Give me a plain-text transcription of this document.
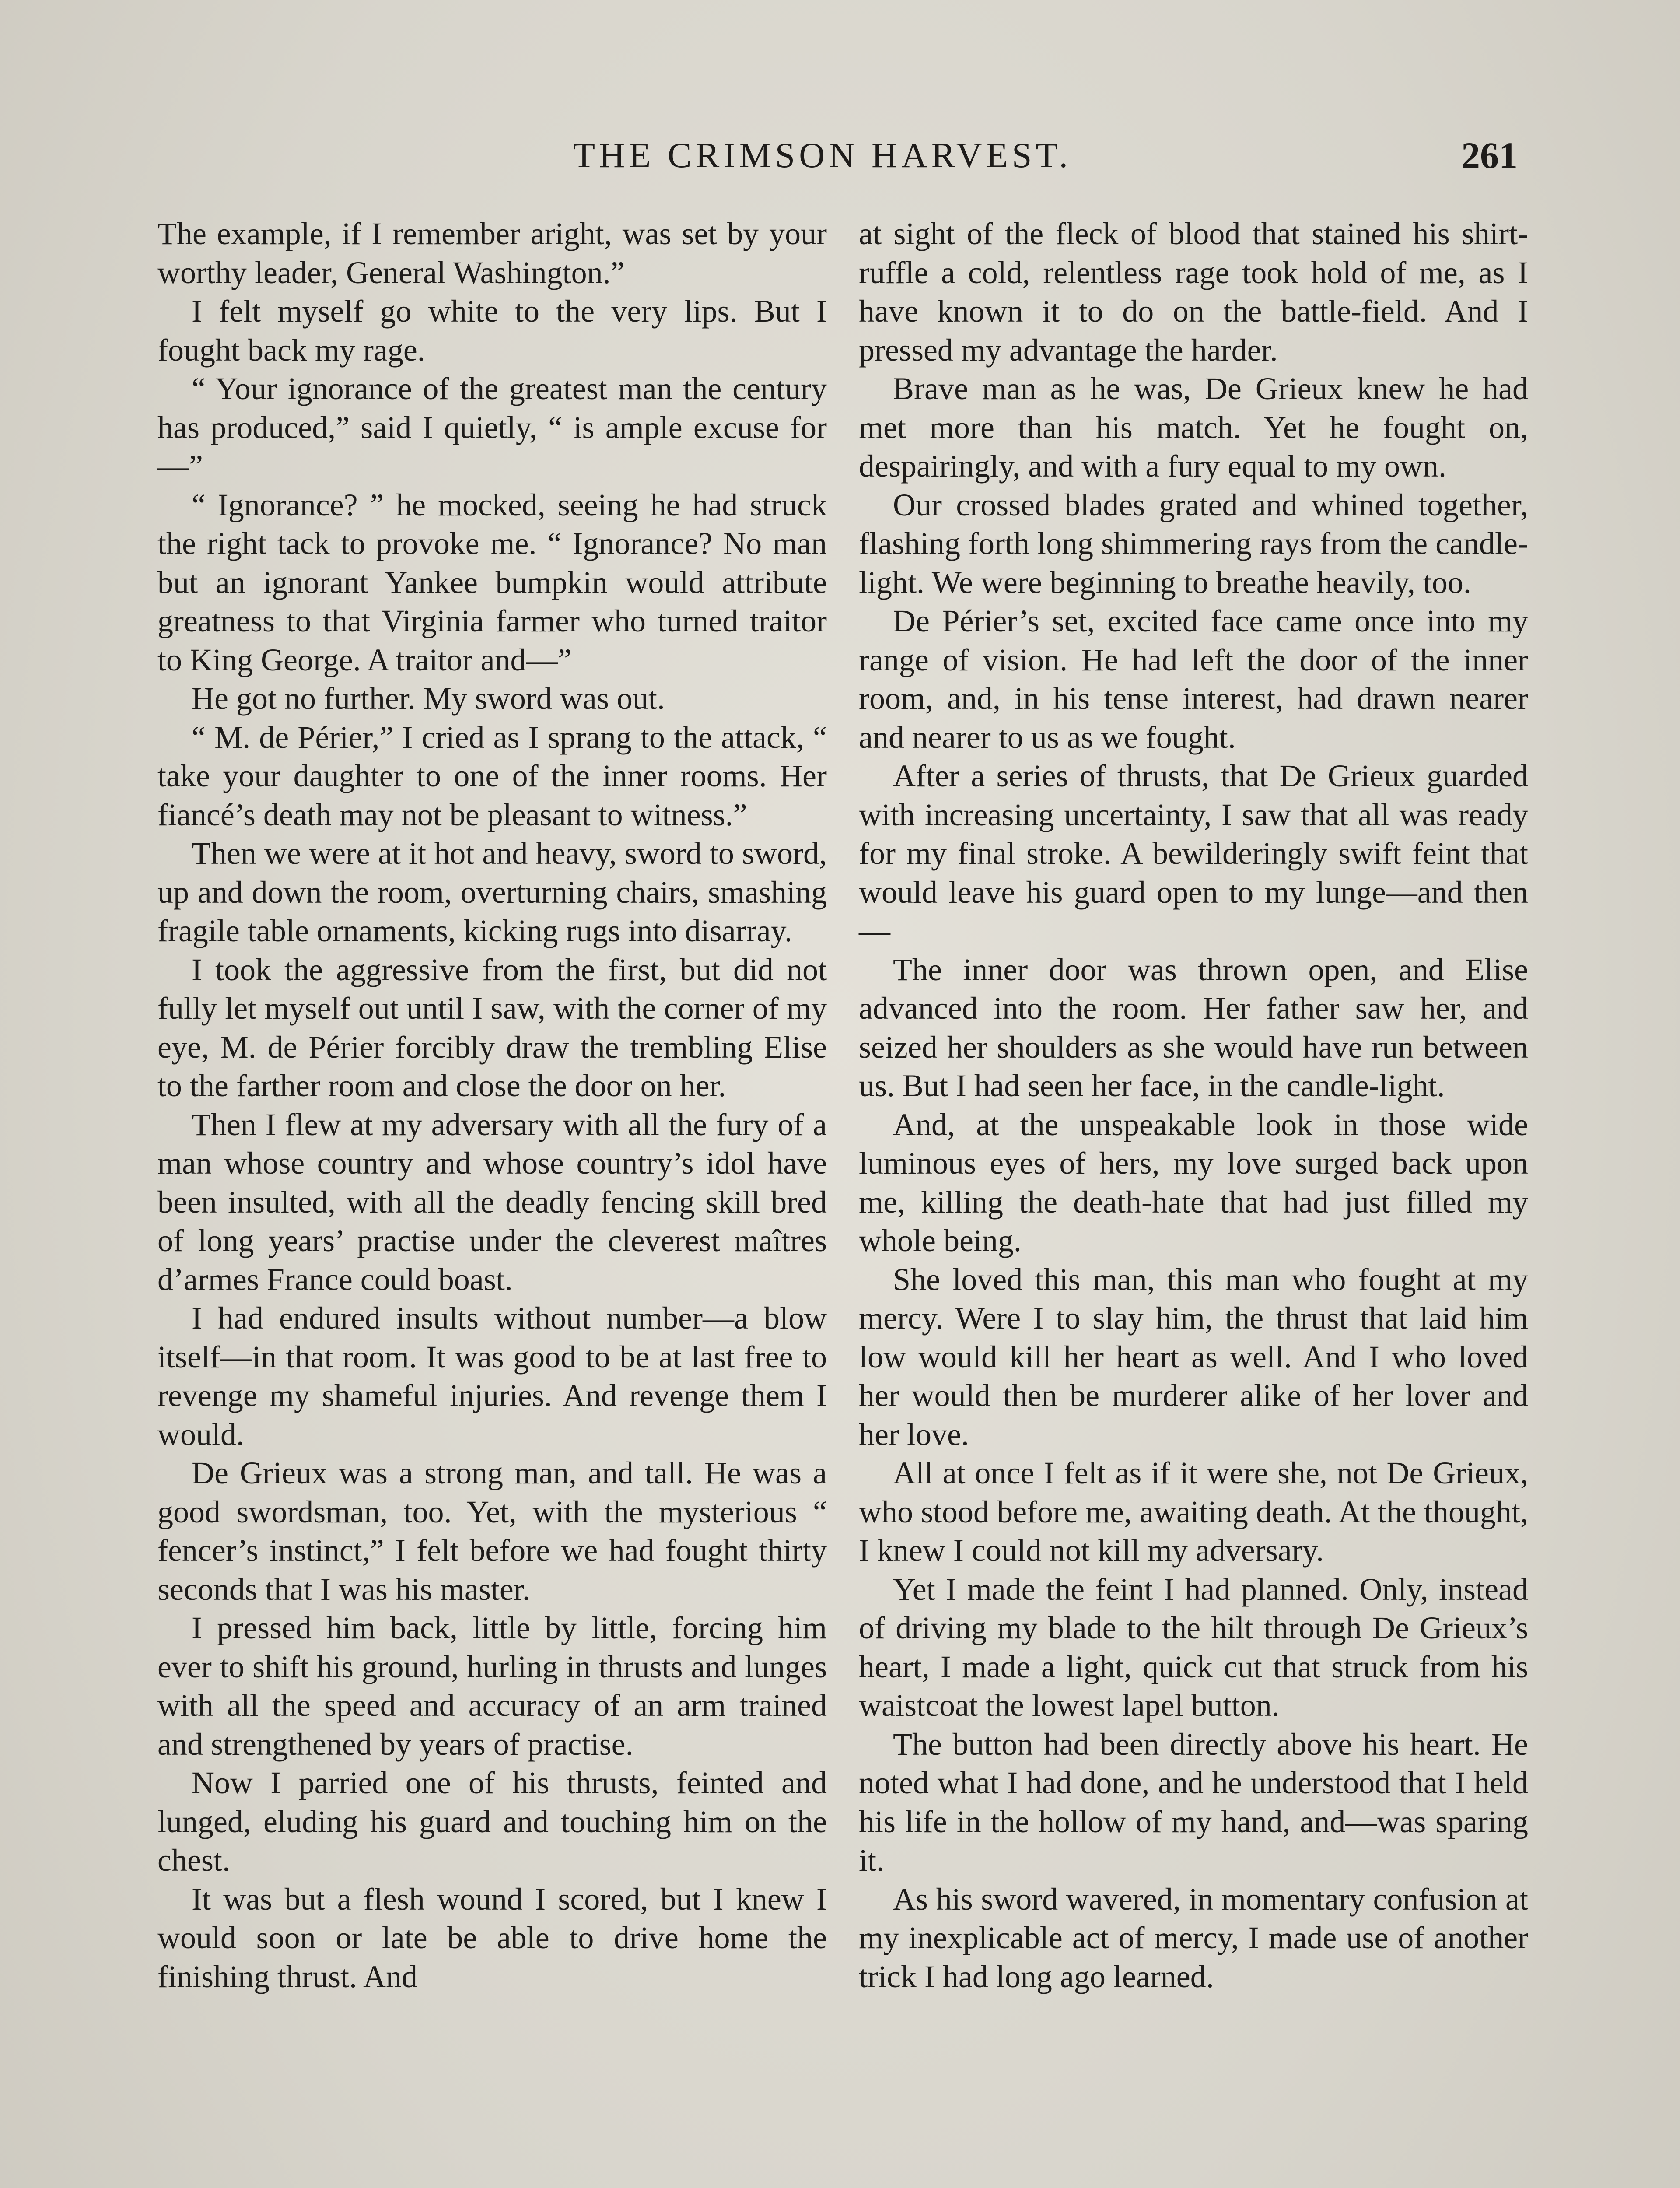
THE CRIMSON HARVEST.	261

The example, if I remember aright, was set by your worthy leader, General Washington.”

I felt myself go white to the very lips. But I fought back my rage.

“ Your ignorance of the greatest man the century has produced,” said I quietly, “ is ample excuse for—”

“ Ignorance? ” he mocked, seeing he had struck the right tack to provoke me. “ Ignorance? No man but an ignorant Yankee bumpkin would attribute greatness to that Virginia farmer who turned traitor to King George. A traitor and—”

He got no further. My sword was out.

“ M. de Périer,” I cried as I sprang to the attack, “ take your daughter to one of the inner rooms. Her fiancé’s death may not be pleasant to witness.”

Then we were at it hot and heavy, sword to sword, up and down the room, overturning chairs, smashing fragile table ornaments, kicking rugs into disarray.

I took the aggressive from the first, but did not fully let myself out until I saw, with the corner of my eye, M. de Périer forcibly draw the trembling Elise to the farther room and close the door on her.

Then I flew at my adversary with all the fury of a man whose country and whose country’s idol have been insulted, with all the deadly fencing skill bred of long years’ practise under the cleverest maîtres d’armes France could boast.

I had endured insults without number—a blow itself—in that room. It was good to be at last free to revenge my shameful injuries. And revenge them I would.

De Grieux was a strong man, and tall. He was a good swordsman, too. Yet, with the mysterious “ fencer’s instinct,” I felt before we had fought thirty seconds that I was his master.

I pressed him back, little by little, forcing him ever to shift his ground, hurling in thrusts and lunges with all the speed and accuracy of an arm trained and strengthened by years of practise.

Now I parried one of his thrusts, feinted and lunged, eluding his guard and touching him on the chest.

It was but a flesh wound I scored, but I knew I would soon or late be able to drive home the finishing thrust. And

at sight of the fleck of blood that stained his shirt-ruffle a cold, relentless rage took hold of me, as I have known it to do on the battle-field. And I pressed my advantage the harder.

Brave man as he was, De Grieux knew he had met more than his match. Yet he fought on, despairingly, and with a fury equal to my own.

Our crossed blades grated and whined together, flashing forth long shimmering rays from the candle-light. We were beginning to breathe heavily, too.

De Périer’s set, excited face came once into my range of vision. He had left the door of the inner room, and, in his tense interest, had drawn nearer and nearer to us as we fought.

After a series of thrusts, that De Grieux guarded with increasing uncertainty, I saw that all was ready for my final stroke. A bewilderingly swift feint that would leave his guard open to my lunge—and then—

The inner door was thrown open, and Elise advanced into the room. Her father saw her, and seized her shoulders as she would have run between us. But I had seen her face, in the candle-light.

And, at the unspeakable look in those wide luminous eyes of hers, my love surged back upon me, killing the death-hate that had just filled my whole being.

She loved this man, this man who fought at my mercy. Were I to slay him, the thrust that laid him low would kill her heart as well. And I who loved her would then be murderer alike of her lover and her love.

All at once I felt as if it were she, not De Grieux, who stood before me, awaiting death. At the thought, I knew I could not kill my adversary.

Yet I made the feint I had planned. Only, instead of driving my blade to the hilt through De Grieux’s heart, I made a light, quick cut that struck from his waistcoat the lowest lapel button.

The button had been directly above his heart. He noted what I had done, and he understood that I held his life in the hollow of my hand, and—was sparing it.

As his sword wavered, in momentary confusion at my inexplicable act of mercy, I made use of another trick I had long ago learned.
